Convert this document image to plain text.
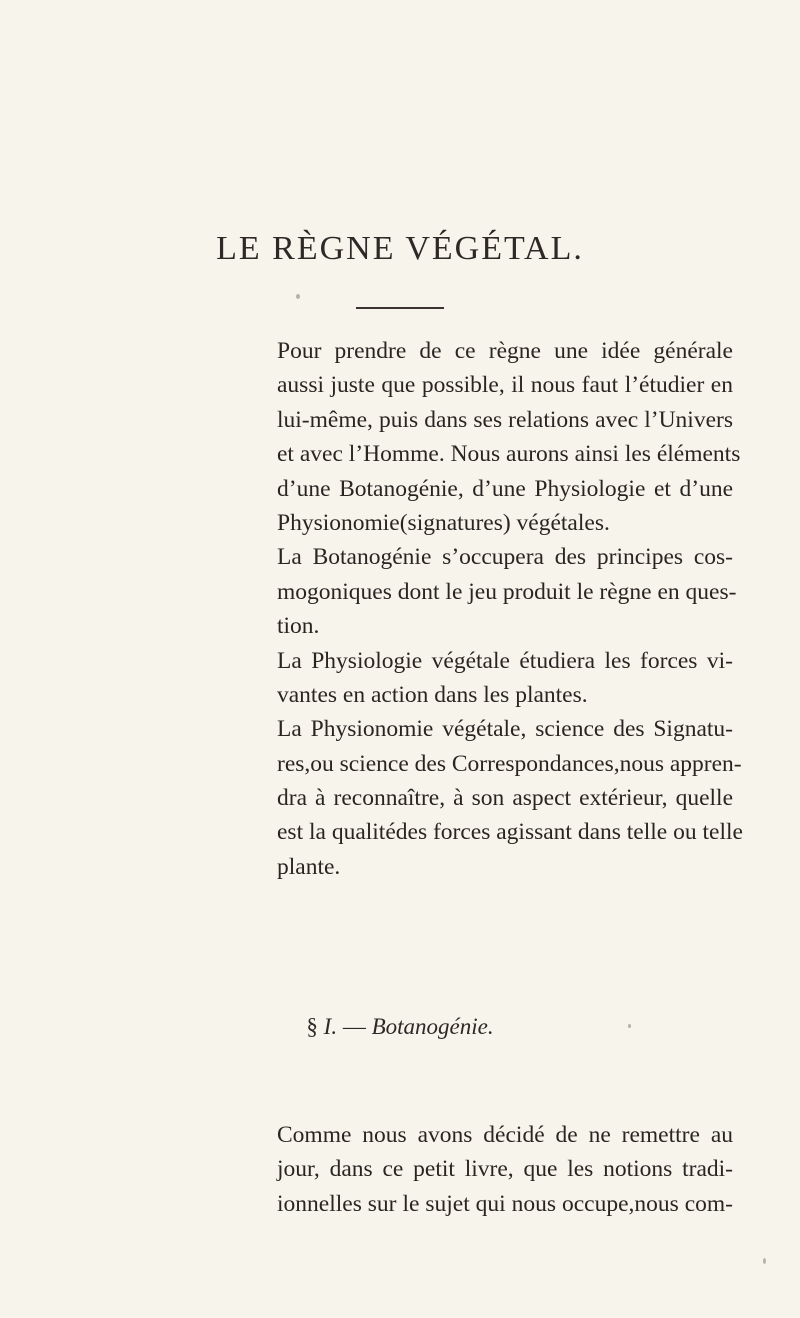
LE RÈGNE VÉGÉTAL.
Pour prendre de ce règne une idée générale
aussi juste que possible, il nous faut l’étudier en
lui-même, puis dans ses relations avec l’Univers
et avec l’Homme. Nous aurons ainsi les éléments
d’une Botanogénie, d’une Physiologie et d’une
Physionomie(signatures) végétales.
La Botanogénie s’occupera des principes cos-
mogoniques dont le jeu produit le règne en ques-
tion.
La Physiologie végétale étudiera les forces vi-
vantes en action dans les plantes.
La Physionomie végétale, science des Signatu-
res,ou science des Correspondances,nous appren-
dra à reconnaître, à son aspect extérieur, quelle
est la qualitédes forces agissant dans telle ou telle
plante.
§ I. — Botanogénie.
Comme nous avons décidé de ne remettre au
jour, dans ce petit livre, que les notions tradi-
ionnelles sur le sujet qui nous occupe,nous com-
